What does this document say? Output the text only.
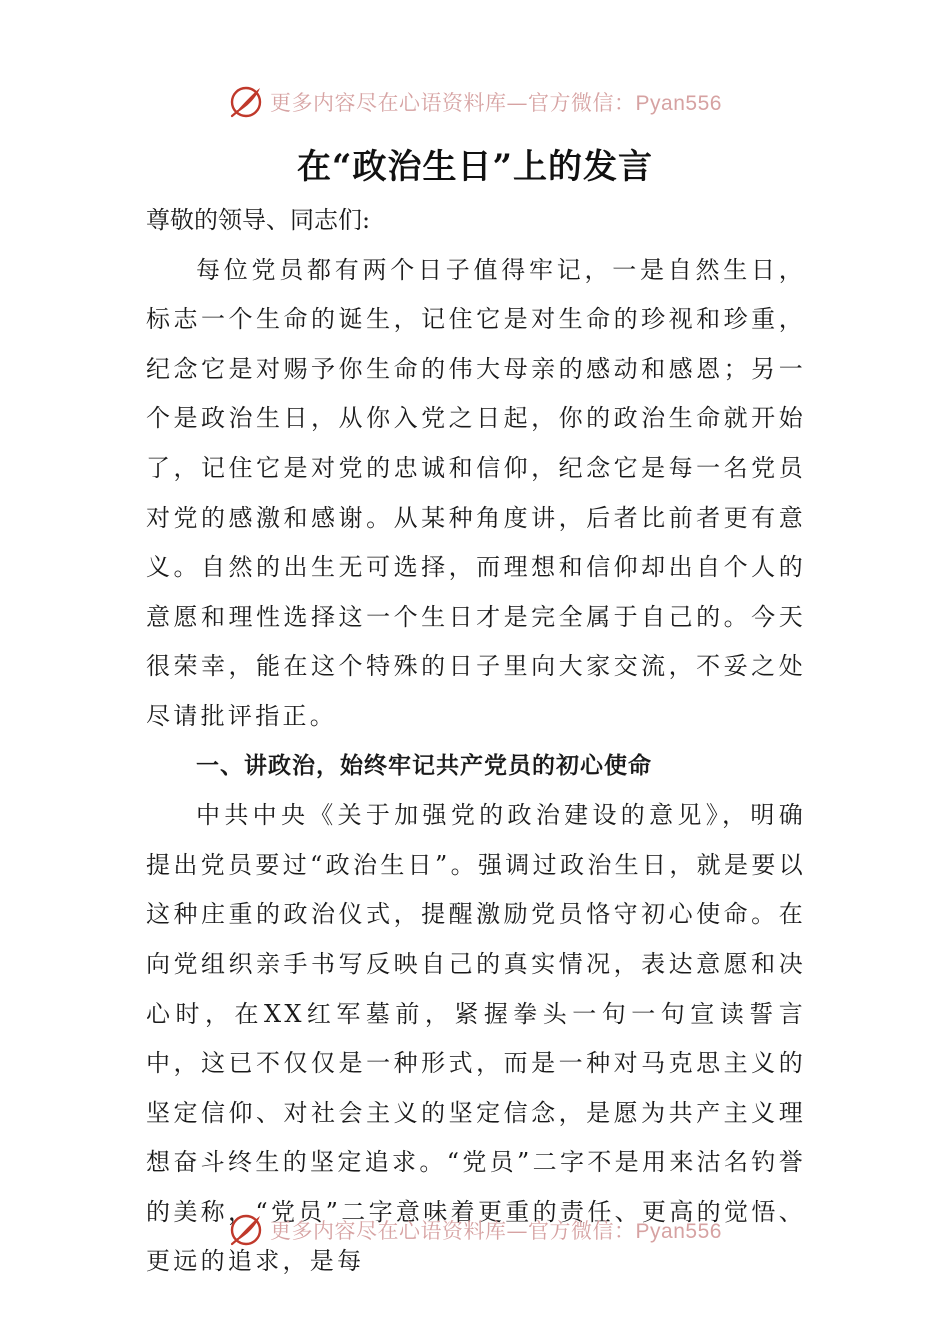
更多内容尽在心语资料库—官方微信：Pyan556
在“政治生日”上的发言

尊敬的领导、同志们:

每位党员都有两个日子值得牢记，一是自然生日，标志一个生命的诞生，记住它是对生命的珍视和珍重，纪念它是对赐予你生命的伟大母亲的感动和感恩；另一个是政治生日，从你入党之日起，你的政治生命就开始了，记住它是对党的忠诚和信仰，纪念它是每一名党员对党的感激和感谢。从某种角度讲，后者比前者更有意义。自然的出生无可选择，而理想和信仰却出自个人的意愿和理性选择这一个生日才是完全属于自己的。今天很荣幸，能在这个特殊的日子里向大家交流，不妥之处尽请批评指正。

一、讲政治，始终牢记共产党员的初心使命

中共中央《关于加强党的政治建设的意见》，明确提出党员要过“政治生日”。强调过政治生日，就是要以这种庄重的政治仪式，提醒激励党员恪守初心使命。在向党组织亲手书写反映自己的真实情况，表达意愿和决心时，在XX红军墓前，紧握拳头一句一句宣读誓言中，这已不仅仅是一种形式，而是一种对马克思主义的坚定信仰、对社会主义的坚定信念，是愿为共产主义理想奋斗终生的坚定追求。“党员”二字不是用来沽名钓誉的美称，“党员”二字意味着更重的责任、更高的觉悟、更远的追求，是每

更多内容尽在心语资料库—官方微信：Pyan556
